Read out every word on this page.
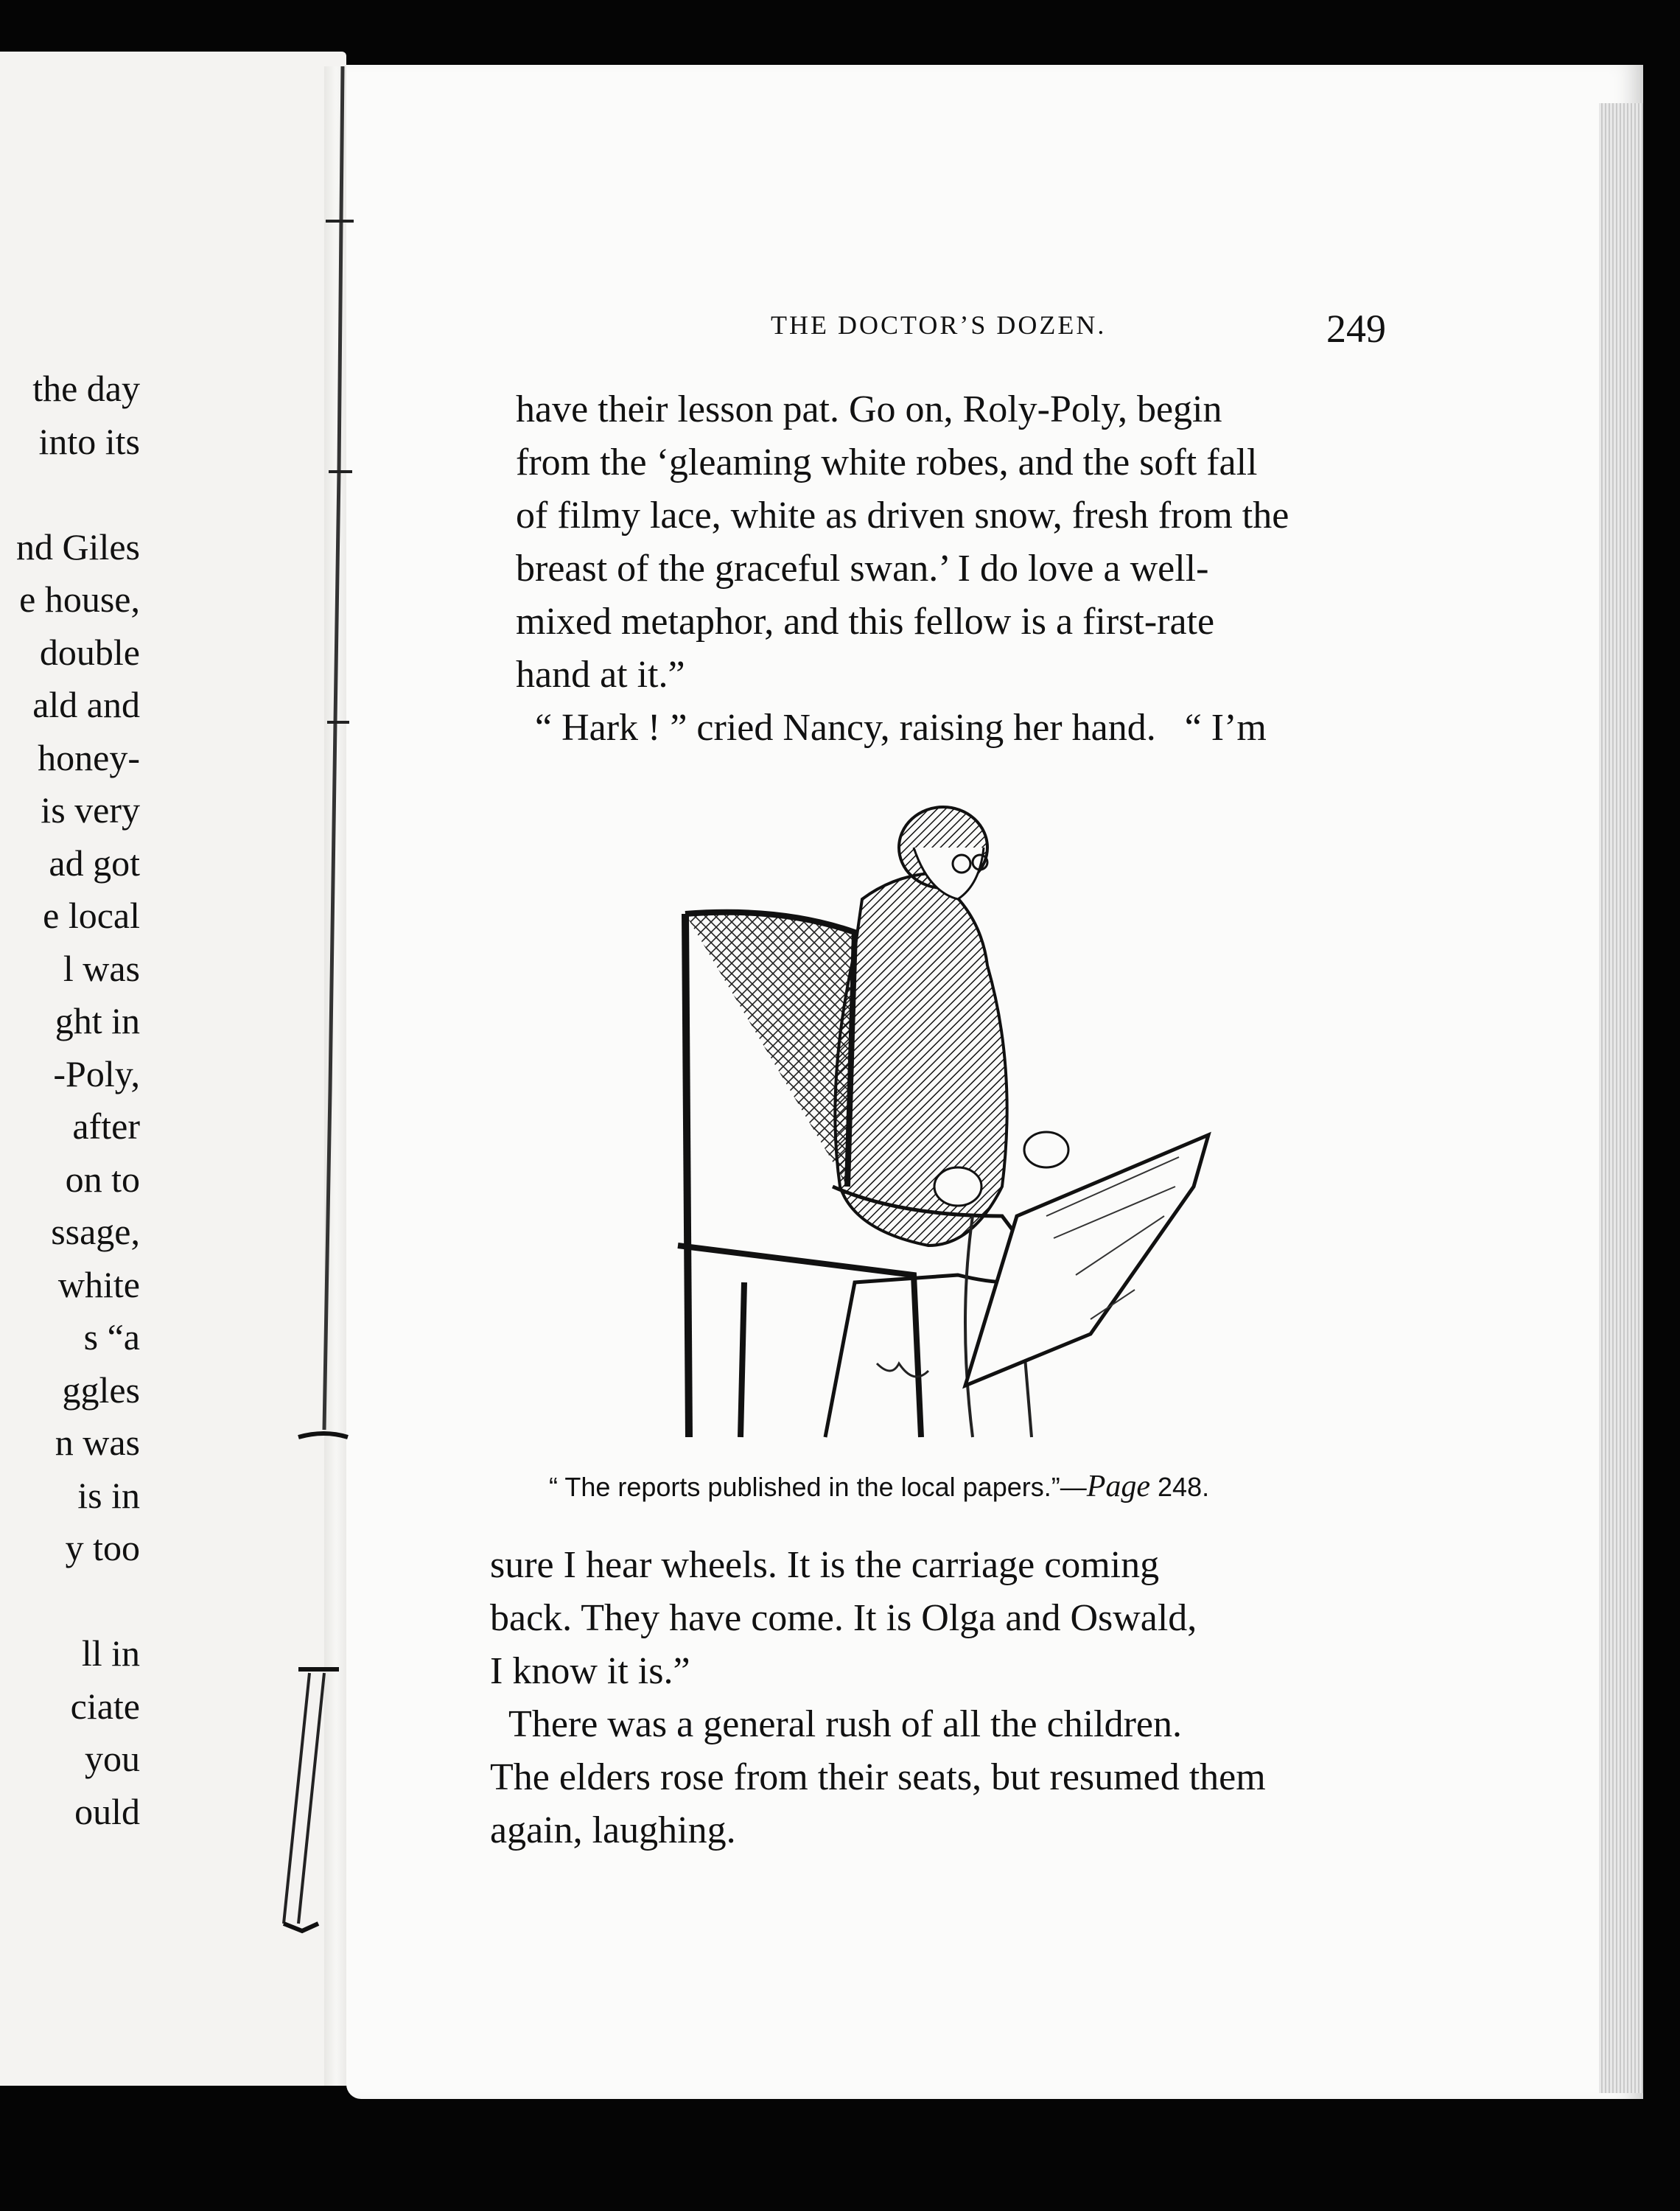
the day
into its

nd Giles
e house,
double
ald and
honey-
is very
ad got
e local
l was
ght in
-Poly,
after
on to
ssage,
white
s “a
ggles
n was
is in
y too

ll in
ciate
you
ould
THE DOCTOR’S DOZEN.	249
have their lesson pat. Go on, Roly-Poly, begin
from the ‘gleaming white robes, and the soft fall
of filmy lace, white as driven snow, fresh from the
breast of the graceful swan.’ I do love a well-
mixed metaphor, and this fellow is a first-rate
hand at it.”
“ Hark ! ” cried Nancy, raising her hand.   “ I’m
“ The reports published in the local papers.”—Page 248.
sure I hear wheels. It is the carriage coming
back. They have come. It is Olga and Oswald,
I know it is.”
There was a general rush of all the children.
The elders rose from their seats, but resumed them
again, laughing.
